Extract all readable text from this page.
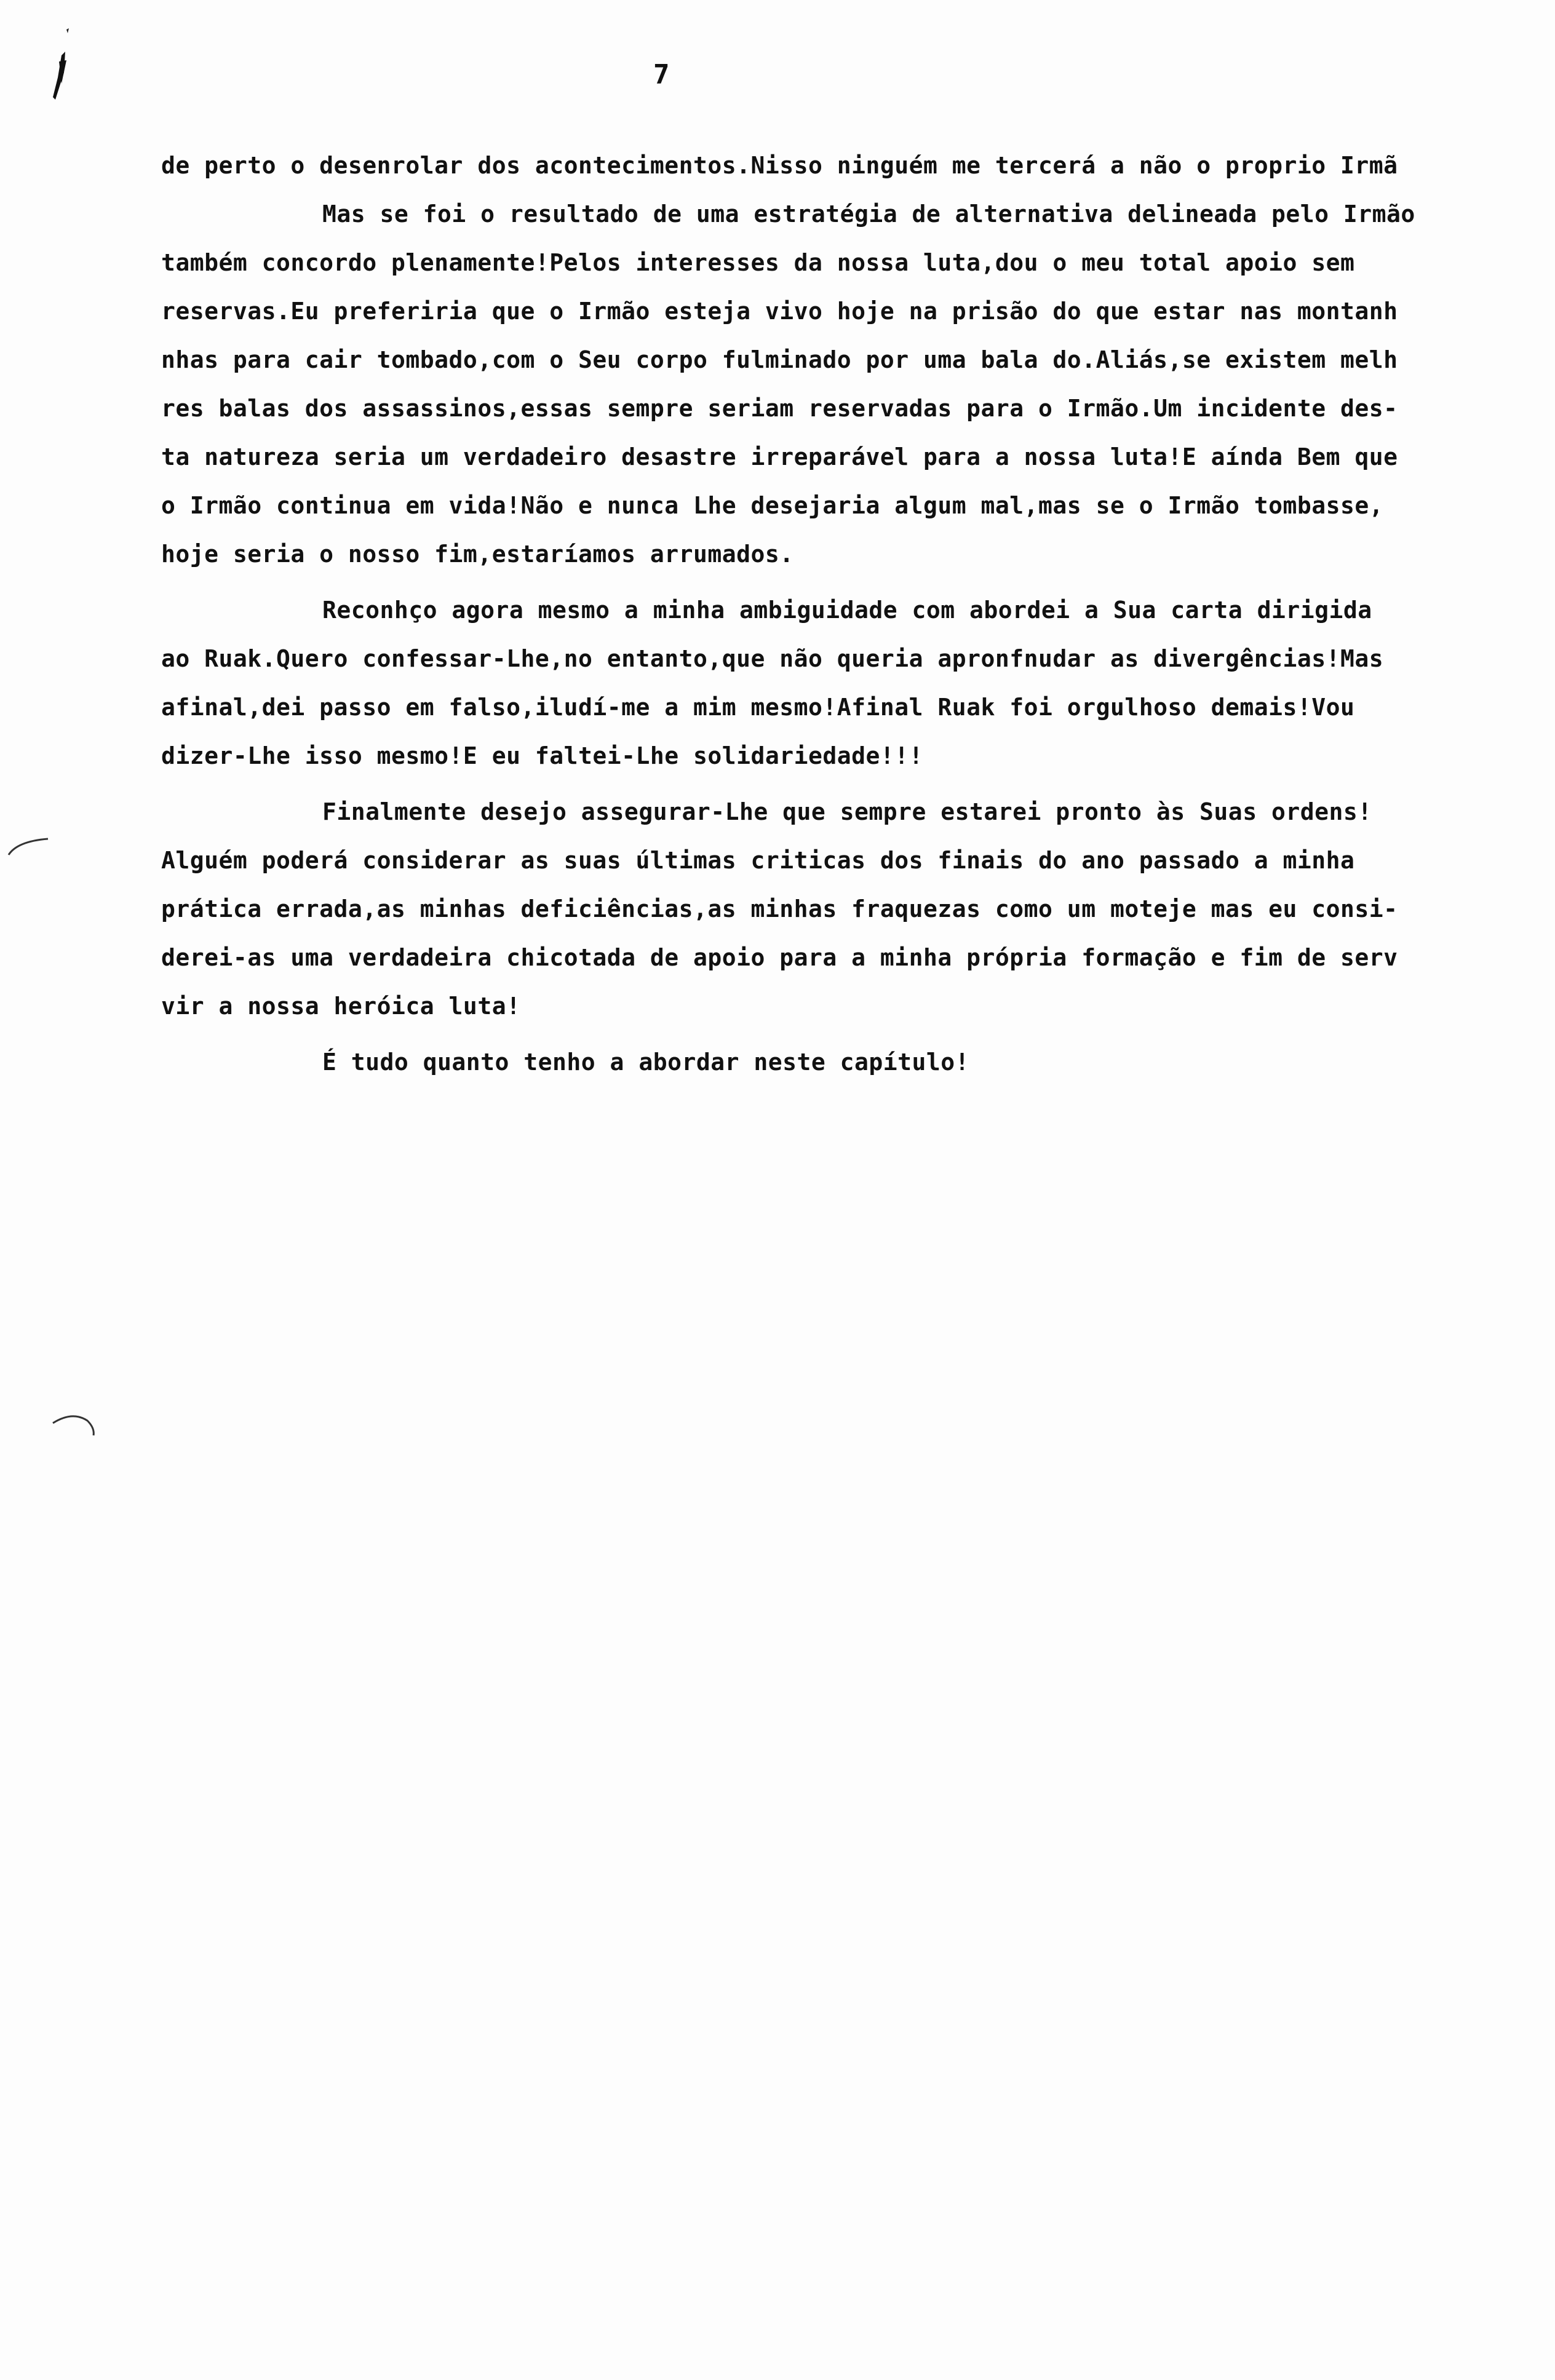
7
de perto o desenrolar dos acontecimentos.Nisso ninguém me tercerá a não o proprio Irmã
Mas se foi o resultado de uma estratégia de alternativa delineada pelo Irmão
também concordo plenamente!Pelos interesses da nossa luta,dou o meu total apoio sem
reservas.Eu preferiria que o Irmão esteja vivo hoje na prisão do que estar nas montanh
nhas para cair tombado,com o Seu corpo fulminado por uma bala do.Aliás,se existem melh
res balas dos assassinos,essas sempre seriam reservadas para o Irmão.Um incidente des-
ta natureza seria um verdadeiro desastre irreparável para a nossa luta!E aínda Bem que
o Irmão continua em vida!Não e nunca Lhe desejaria algum mal,mas se o Irmão tombasse,
hoje seria o nosso fim,estaríamos arrumados.
Reconhço agora mesmo a minha ambiguidade com abordei a Sua carta dirigida
ao Ruak.Quero confessar-Lhe,no entanto,que não queria apronfnudar as divergências!Mas
afinal,dei passo em falso,iludí-me a mim mesmo!Afinal Ruak foi orgulhoso demais!Vou
dizer-Lhe isso mesmo!E eu faltei-Lhe solidariedade!!!
Finalmente desejo assegurar-Lhe que sempre estarei pronto às Suas ordens!
Alguém poderá considerar as suas últimas criticas dos finais do ano passado a minha
prática errada,as minhas deficiências,as minhas fraquezas como um moteje mas eu consi-
derei-as uma verdadeira chicotada de apoio para a minha própria formação e fim de serv
vir a nossa heróica luta!
É tudo quanto tenho a abordar neste capítulo!
